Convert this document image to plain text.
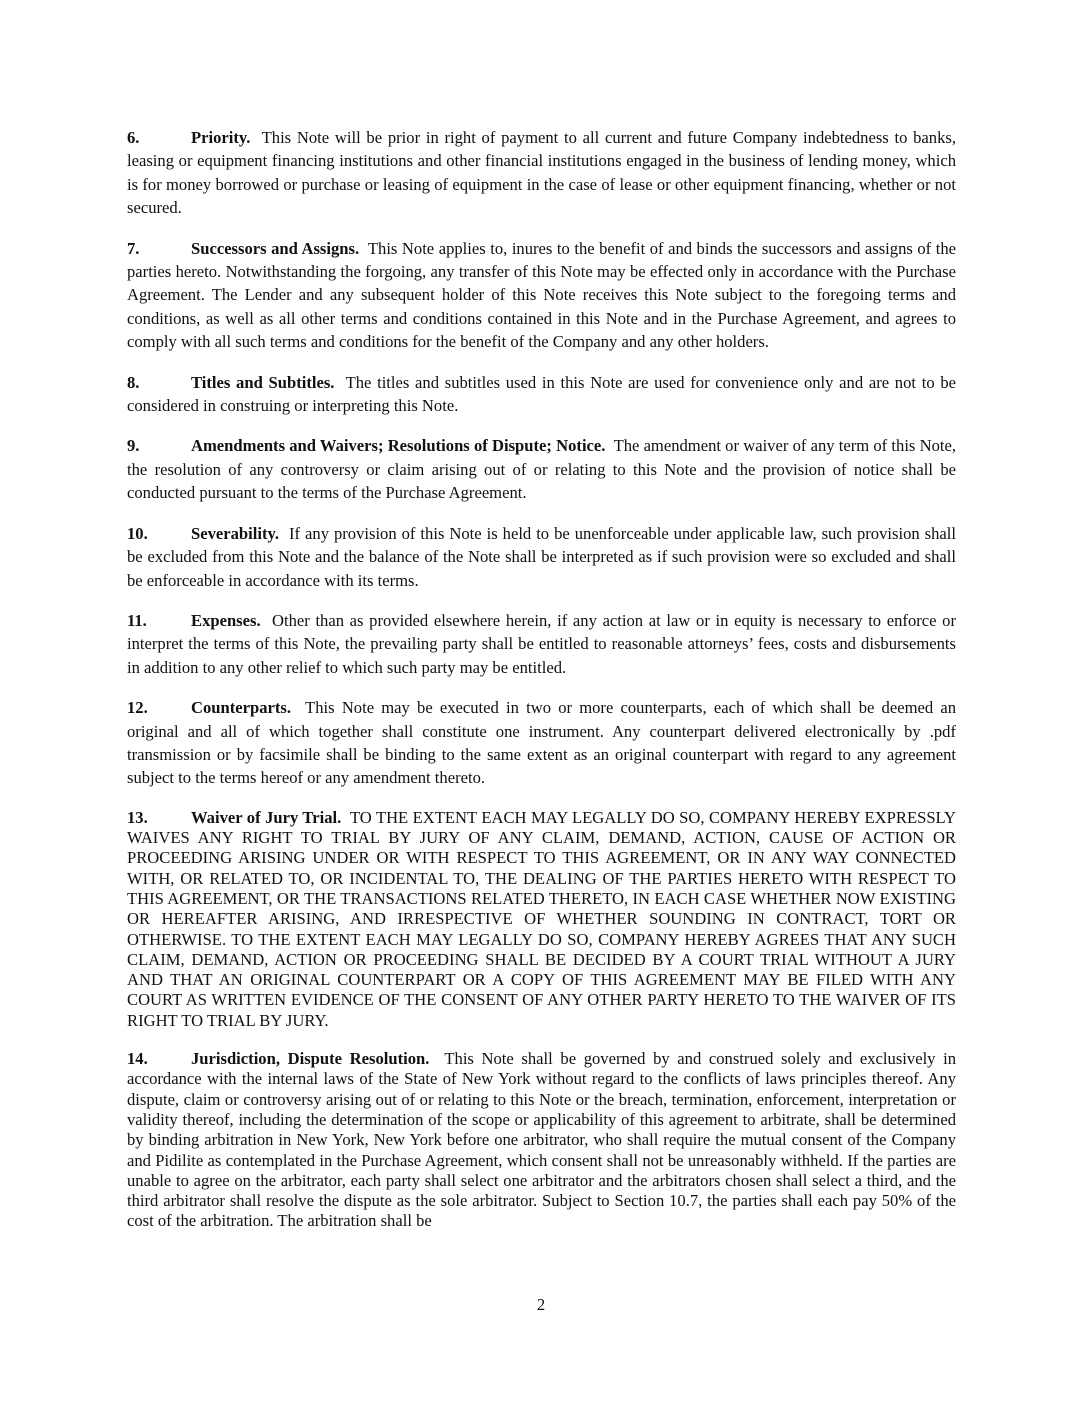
6.	Priority. This Note will be prior in right of payment to all current and future Company indebtedness to banks, leasing or equipment financing institutions and other financial institutions engaged in the business of lending money, which is for money borrowed or purchase or leasing of equipment in the case of lease or other equipment financing, whether or not secured.

7.	Successors and Assigns. This Note applies to, inures to the benefit of and binds the successors and assigns of the parties hereto. Notwithstanding the forgoing, any transfer of this Note may be effected only in accordance with the Purchase Agreement. The Lender and any subsequent holder of this Note receives this Note subject to the foregoing terms and conditions, as well as all other terms and conditions contained in this Note and in the Purchase Agreement, and agrees to comply with all such terms and conditions for the benefit of the Company and any other holders.

8.	Titles and Subtitles. The titles and subtitles used in this Note are used for convenience only and are not to be considered in construing or interpreting this Note.

9.	Amendments and Waivers; Resolutions of Dispute; Notice. The amendment or waiver of any term of this Note, the resolution of any controversy or claim arising out of or relating to this Note and the provision of notice shall be conducted pursuant to the terms of the Purchase Agreement.

10.	Severability. If any provision of this Note is held to be unenforceable under applicable law, such provision shall be excluded from this Note and the balance of the Note shall be interpreted as if such provision were so excluded and shall be enforceable in accordance with its terms.

11.	Expenses. Other than as provided elsewhere herein, if any action at law or in equity is necessary to enforce or interpret the terms of this Note, the prevailing party shall be entitled to reasonable attorneys’ fees, costs and disbursements in addition to any other relief to which such party may be entitled.

12.	Counterparts. This Note may be executed in two or more counterparts, each of which shall be deemed an original and all of which together shall constitute one instrument. Any counterpart delivered electronically by .pdf transmission or by facsimile shall be binding to the same extent as an original counterpart with regard to any agreement subject to the terms hereof or any amendment thereto.

13.	Waiver of Jury Trial. TO THE EXTENT EACH MAY LEGALLY DO SO, COMPANY HEREBY EXPRESSLY WAIVES ANY RIGHT TO TRIAL BY JURY OF ANY CLAIM, DEMAND, ACTION, CAUSE OF ACTION OR PROCEEDING ARISING UNDER OR WITH RESPECT TO THIS AGREEMENT, OR IN ANY WAY CONNECTED WITH, OR RELATED TO, OR INCIDENTAL TO, THE DEALING OF THE PARTIES HERETO WITH RESPECT TO THIS AGREEMENT, OR THE TRANSACTIONS RELATED THERETO, IN EACH CASE WHETHER NOW EXISTING OR HEREAFTER ARISING, AND IRRESPECTIVE OF WHETHER SOUNDING IN CONTRACT, TORT OR OTHERWISE. TO THE EXTENT EACH MAY LEGALLY DO SO, COMPANY HEREBY AGREES THAT ANY SUCH CLAIM, DEMAND, ACTION OR PROCEEDING SHALL BE DECIDED BY A COURT TRIAL WITHOUT A JURY AND THAT AN ORIGINAL COUNTERPART OR A COPY OF THIS AGREEMENT MAY BE FILED WITH ANY COURT AS WRITTEN EVIDENCE OF THE CONSENT OF ANY OTHER PARTY HERETO TO THE WAIVER OF ITS RIGHT TO TRIAL BY JURY.

14.	Jurisdiction, Dispute Resolution. This Note shall be governed by and construed solely and exclusively in accordance with the internal laws of the State of New York without regard to the conflicts of laws principles thereof. Any dispute, claim or controversy arising out of or relating to this Note or the breach, termination, enforcement, interpretation or validity thereof, including the determination of the scope or applicability of this agreement to arbitrate, shall be determined by binding arbitration in New York, New York before one arbitrator, who shall require the mutual consent of the Company and Pidilite as contemplated in the Purchase Agreement, which consent shall not be unreasonably withheld. If the parties are unable to agree on the arbitrator, each party shall select one arbitrator and the arbitrators chosen shall select a third, and the third arbitrator shall resolve the dispute as the sole arbitrator. Subject to Section 10.7, the parties shall each pay 50% of the cost of the arbitration. The arbitration shall be

2
